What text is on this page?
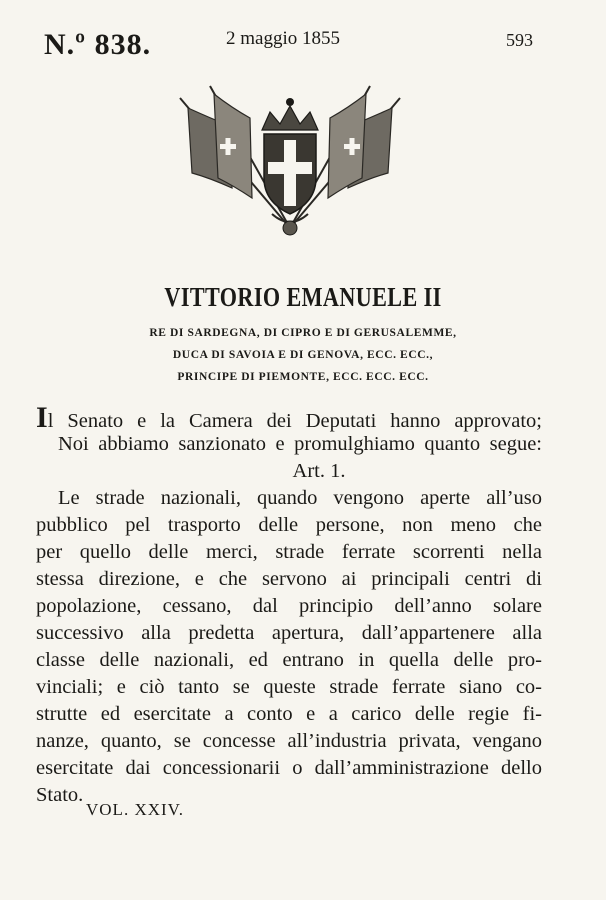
N.º 838.	2 maggio 1855	593
VITTORIO EMANUELE II
RE DI SARDEGNA, DI CIPRO E DI GERUSALEMME,
DUCA DI SAVOIA E DI GENOVA, ECC. ECC.,
PRINCIPE DI PIEMONTE, ECC. ECC. ECC.
Il Senato e la Camera dei Deputati hanno approvato;
Noi abbiamo sanzionato e promulghiamo quanto segue:
Art. 1.
Le strade nazionali, quando vengono aperte all’uso
pubblico pel trasporto delle persone, non meno che
per quello delle merci, strade ferrate scorrenti nella
stessa direzione, e che servono ai principali centri di
popolazione, cessano, dal principio dell’anno solare
successivo alla predetta apertura, dall’appartenere alla
classe delle nazionali, ed entrano in quella delle pro-
vinciali; e ciò tanto se queste strade ferrate siano co-
strutte ed esercitate a conto e a carico delle regie fi-
nanze, quanto, se concesse all’industria privata, vengano
esercitate dai concessionarii o dall’amministrazione dello
Stato.
VOL. XXIV.
